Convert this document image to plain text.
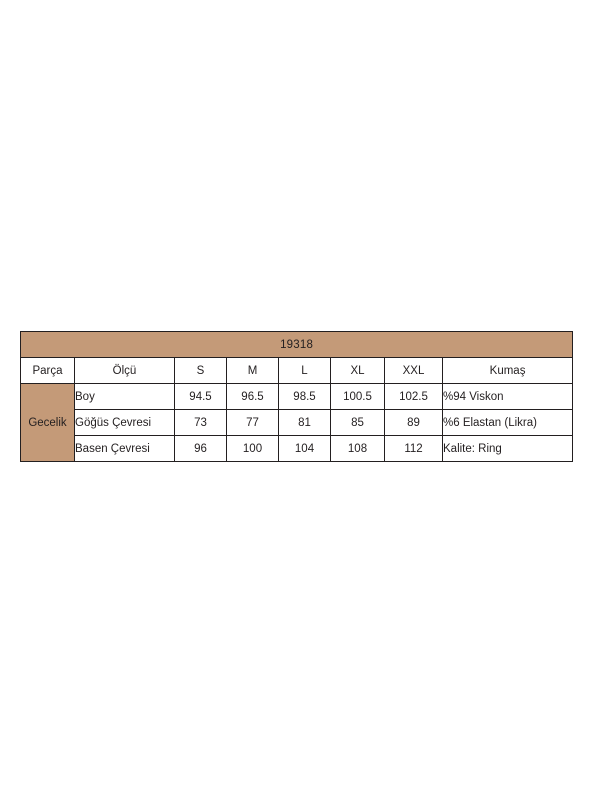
19318							
Parça	Ölçü	S	M	L	XL	XXL	Kumaş
Gecelik	Boy	94.5	96.5	98.5	100.5	102.5	%94 Viskon
	Göğüs Çevresi	73	77	81	85	89	%6 Elastan (Likra)
	Basen Çevresi	96	100	104	108	112	Kalite: Ring
